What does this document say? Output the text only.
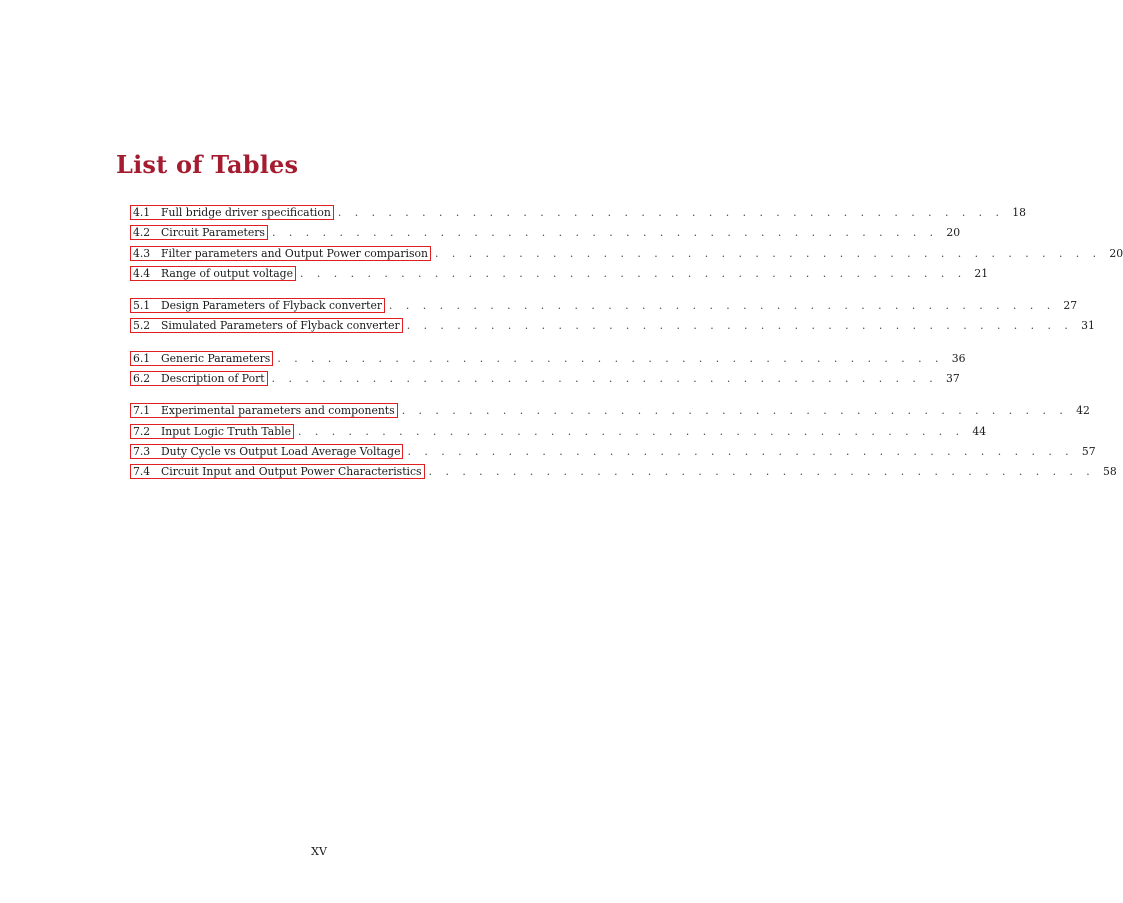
List of Tables
4.1	Full bridge driver specification . . . . . . . . . . . . . . . . . . . . . . . . . . . . . . . . . . . . . . . . 18
4.2	Circuit Parameters . . . . . . . . . . . . . . . . . . . . . . . . . . . . . . . . . . . . . . . . 20
4.3	Filter parameters and Output Power comparison . . . . . . . . . . . . . . . . . . . . . . . . . . . . . . . . . . . . . . . . 20
4.4	Range of output voltage . . . . . . . . . . . . . . . . . . . . . . . . . . . . . . . . . . . . . . . . 21
5.1	Design Parameters of Flyback converter . . . . . . . . . . . . . . . . . . . . . . . . . . . . . . . . . . . . . . . . 27
5.2	Simulated Parameters of Flyback converter . . . . . . . . . . . . . . . . . . . . . . . . . . . . . . . . . . . . . . . . 31
6.1	Generic Parameters . . . . . . . . . . . . . . . . . . . . . . . . . . . . . . . . . . . . . . . . 36
6.2	Description of Port . . . . . . . . . . . . . . . . . . . . . . . . . . . . . . . . . . . . . . . . 37
7.1	Experimental parameters and components . . . . . . . . . . . . . . . . . . . . . . . . . . . . . . . . . . . . . . . . 42
7.2	Input Logic Truth Table . . . . . . . . . . . . . . . . . . . . . . . . . . . . . . . . . . . . . . . . 44
7.3	Duty Cycle vs Output Load Average Voltage . . . . . . . . . . . . . . . . . . . . . . . . . . . . . . . . . . . . . . . . 57
7.4	Circuit Input and Output Power Characteristics . . . . . . . . . . . . . . . . . . . . . . . . . . . . . . . . . . . . . . . . 58
XV
